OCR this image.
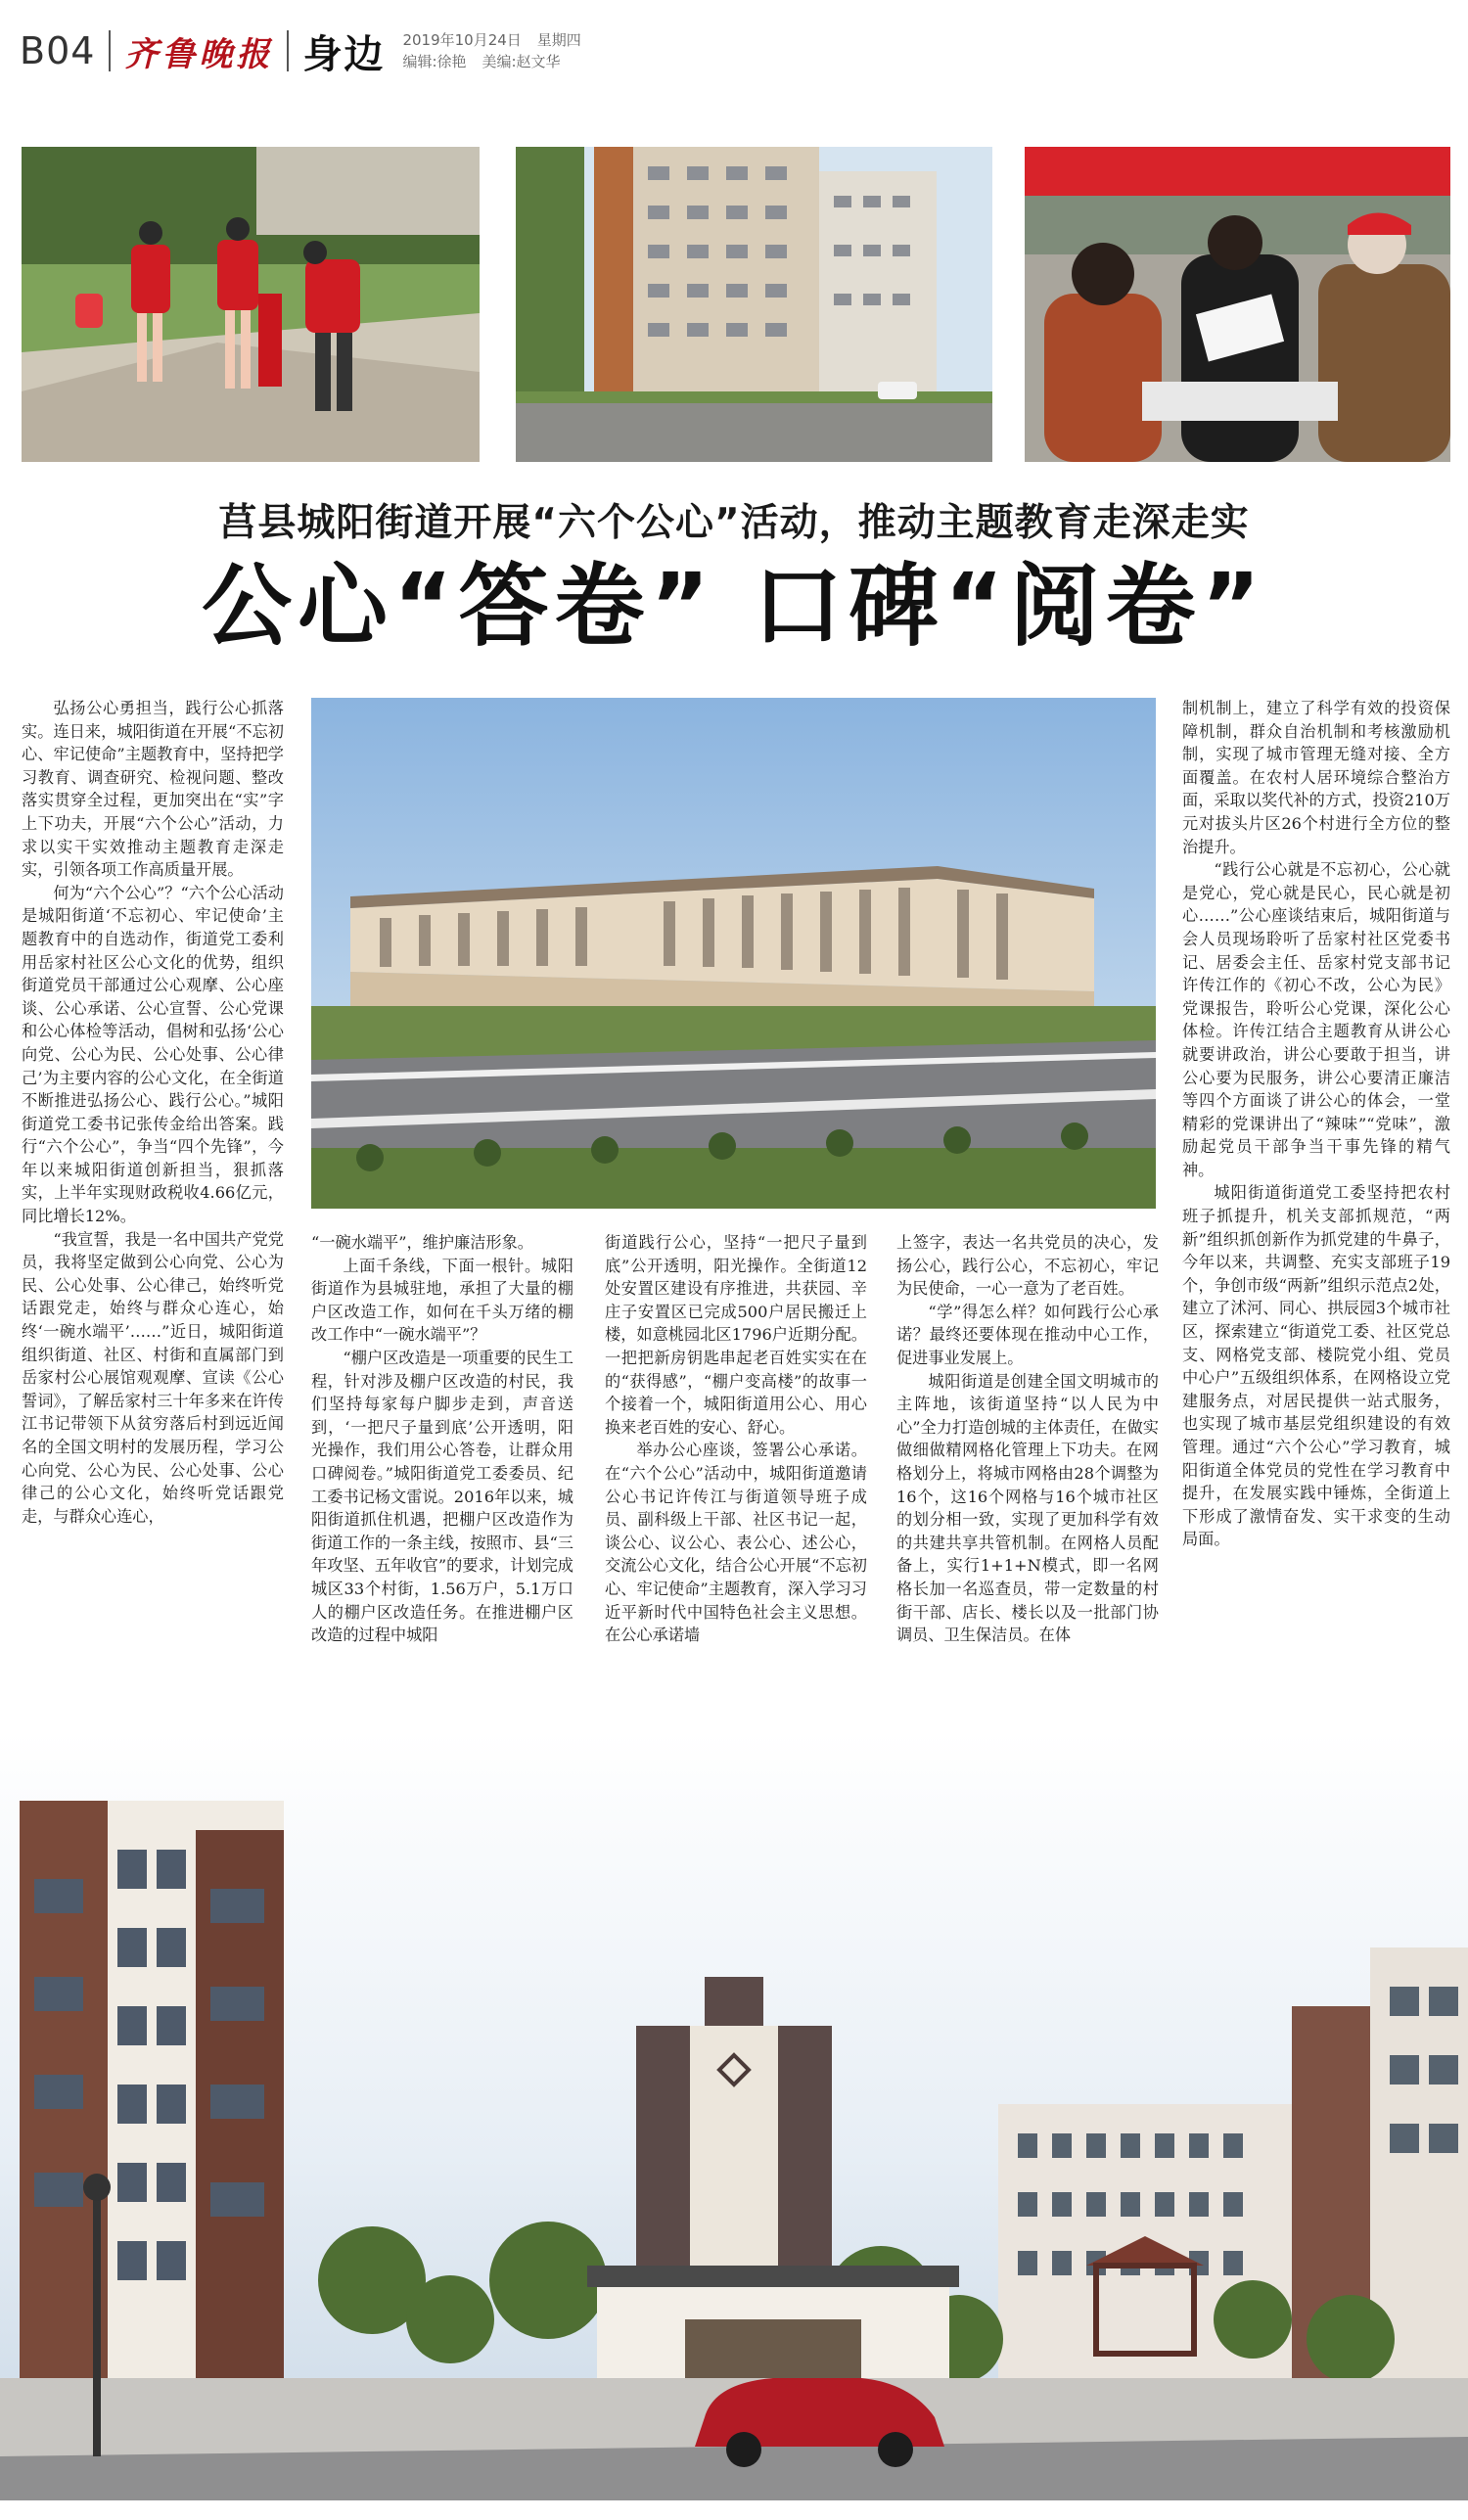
B04 齐鲁晚报 身边 2019年10月24日 星期四
编辑:徐艳 美编:赵文华
莒县城阳街道开展“六个公心”活动，推动主题教育走深走实
公心“答卷” 口碑“阅卷”

弘扬公心勇担当，践行公心抓落实。连日来，城阳街道在开展“不忘初心、牢记使命”主题教育中，坚持把学习教育、调查研究、检视问题、整改落实贯穿全过程，更加突出在“实”字上下功夫，开展“六个公心”活动，力求以实干实效推动主题教育走深走实，引领各项工作高质量开展。

何为“六个公心”？“六个公心活动是城阳街道‘不忘初心、牢记使命’主题教育中的自选动作，街道党工委利用岳家村社区公心文化的优势，组织街道党员干部通过公心观摩、公心座谈、公心承诺、公心宣誓、公心党课和公心体检等活动，倡树和弘扬‘公心向党、公心为民、公心处事、公心律己’为主要内容的公心文化，在全街道不断推进弘扬公心、践行公心。”城阳街道党工委书记张传金给出答案。践行“六个公心”，争当“四个先锋”，今年以来城阳街道创新担当，狠抓落实，上半年实现财政税收4.66亿元，同比增长12%。

“我宣誓，我是一名中国共产党党员，我将坚定做到公心向党、公心为民、公心处事、公心律己，始终听党话跟党走，始终与群众心连心，始终‘一碗水端平’……”近日，城阳街道组织街道、社区、村街和直属部门到岳家村公心展馆观观摩、宣读《公心誓词》，了解岳家村三十年多来在许传江书记带领下从贫穷落后村到远近闻名的全国文明村的发展历程，学习公心向党、公心为民、公心处事、公心律己的公心文化，始终听党话跟党走，与群众心连心，

“一碗水端平”，维护廉洁形象。

上面千条线，下面一根针。城阳街道作为县城驻地，承担了大量的棚户区改造工作，如何在千头万绪的棚改工作中“一碗水端平”？

“棚户区改造是一项重要的民生工程，针对涉及棚户区改造的村民，我们坚持每家每户脚步走到，声音送到，‘一把尺子量到底’公开透明，阳光操作，我们用公心答卷，让群众用口碑阅卷。”城阳街道党工委委员、纪工委书记杨文雷说。2016年以来，城阳街道抓住机遇，把棚户区改造作为街道工作的一条主线，按照市、县“三年攻坚、五年收官”的要求，计划完成城区33个村街，1.56万户，5.1万口人的棚户区改造任务。在推进棚户区改造的过程中城阳

街道践行公心，坚持“一把尺子量到底”公开透明，阳光操作。全街道12处安置区建设有序推进，共获园、辛庄子安置区已完成500户居民搬迁上楼，如意桃园北区1796户近期分配。一把把新房钥匙串起老百姓实实在在的“获得感”，“棚户变高楼”的故事一个接着一个，城阳街道用公心、用心换来老百姓的安心、舒心。

举办公心座谈，签署公心承诺。在“六个公心”活动中，城阳街道邀请公心书记许传江与街道领导班子成员、副科级上干部、社区书记一起，谈公心、议公心、表公心、述公心，交流公心文化，结合公心开展“不忘初心、牢记使命”主题教育，深入学习习近平新时代中国特色社会主义思想。在公心承诺墙

上签字，表达一名共党员的决心，发扬公心，践行公心，不忘初心，牢记为民使命，一心一意为了老百姓。

“学”得怎么样？如何践行公心承诺？最终还要体现在推动中心工作，促进事业发展上。

城阳街道是创建全国文明城市的主阵地，该街道坚持“以人民为中心”全力打造创城的主体责任，在做实做细做精网格化管理上下功夫。在网格划分上，将城市网格由28个调整为16个，这16个网格与16个城市社区的划分相一致，实现了更加科学有效的共建共享共管机制。在网格人员配备上，实行1+1+N模式，即一名网格长加一名巡查员，带一定数量的村街干部、店长、楼长以及一批部门协调员、卫生保洁员。在体

制机制上，建立了科学有效的投资保障机制，群众自治机制和考核激励机制，实现了城市管理无缝对接、全方面覆盖。在农村人居环境综合整治方面，采取以奖代补的方式，投资210万元对拔头片区26个村进行全方位的整治提升。

“践行公心就是不忘初心，公心就是党心，党心就是民心，民心就是初心……”公心座谈结束后，城阳街道与会人员现场聆听了岳家村社区党委书记、居委会主任、岳家村党支部书记许传江作的《初心不改，公心为民》党课报告，聆听公心党课，深化公心体检。许传江结合主题教育从讲公心就要讲政治，讲公心要敢于担当，讲公心要为民服务，讲公心要清正廉洁等四个方面谈了讲公心的体会，一堂精彩的党课讲出了“辣味”“党味”，激励起党员干部争当干事先锋的精气神。

城阳街道街道党工委坚持把农村班子抓提升，机关支部抓规范，“两新”组织抓创新作为抓党建的牛鼻子，今年以来，共调整、充实支部班子19个，争创市级“两新”组织示范点2处，建立了沭河、同心、拱辰园3个城市社区，探索建立“街道党工委、社区党总支、网格党支部、楼院党小组、党员中心户”五级组织体系，在网格设立党建服务点，对居民提供一站式服务，也实现了城市基层党组织建设的有效管理。通过“六个公心”学习教育，城阳街道全体党员的党性在学习教育中提升，在发展实践中锤炼，全街道上下形成了激情奋发、实干求变的生动局面。
